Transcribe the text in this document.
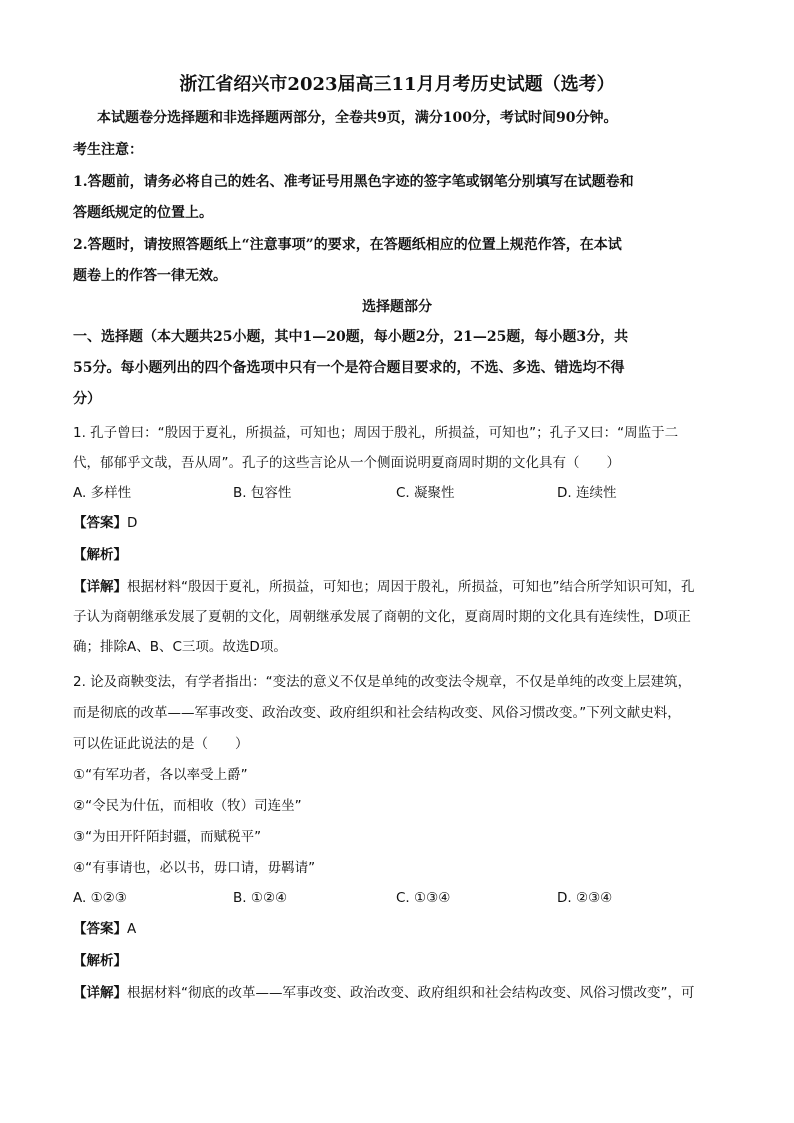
浙江省绍兴市2023届高三11月月考历史试题（选考）
本试题卷分选择题和非选择题两部分，全卷共9页，满分100分，考试时间90分钟。
考生注意：
1.答题前，请务必将自己的姓名、准考证号用黑色字迹的签字笔或钢笔分别填写在试题卷和
答题纸规定的位置上。
2.答题时，请按照答题纸上“注意事项”的要求，在答题纸相应的位置上规范作答，在本试
题卷上的作答一律无效。
选择题部分
一、选择题（本大题共25小题，其中1—20题，每小题2分，21—25题，每小题3分，共
55分。每小题列出的四个备选项中只有一个是符合题目要求的，不选、多选、错选均不得
分）
1. 孔子曾曰：“殷因于夏礼，所损益，可知也；周因于殷礼，所损益，可知也”；孔子又曰：“周监于二
代，郁郁乎文哉，吾从周”。孔子的这些言论从一个侧面说明夏商周时期的文化具有（　　）
A. 多样性	B. 包容性	C. 凝聚性	D. 连续性
【答案】D
【解析】
【详解】根据材料“殷因于夏礼，所损益，可知也；周因于殷礼，所损益，可知也”结合所学知识可知，孔
子认为商朝继承发展了夏朝的文化，周朝继承发展了商朝的文化，夏商周时期的文化具有连续性，D项正
确；排除A、B、C三项。故选D项。
2. 论及商鞅变法，有学者指出：“变法的意义不仅是单纯的改变法令规章，不仅是单纯的改变上层建筑，
而是彻底的改革——军事改变、政治改变、政府组织和社会结构改变、风俗习惯改变。”下列文献史料，
可以佐证此说法的是（　　）
①“有军功者，各以率受上爵”
②“令民为什伍，而相收（牧）司连坐”
③“为田开阡陌封疆，而赋税平”
④“有事请也，必以书，毋口请，毋羁请”
A. ①②③	B. ①②④	C. ①③④	D. ②③④
【答案】A
【解析】
【详解】根据材料“彻底的改革——军事改变、政治改变、政府组织和社会结构改变、风俗习惯改变”，可
